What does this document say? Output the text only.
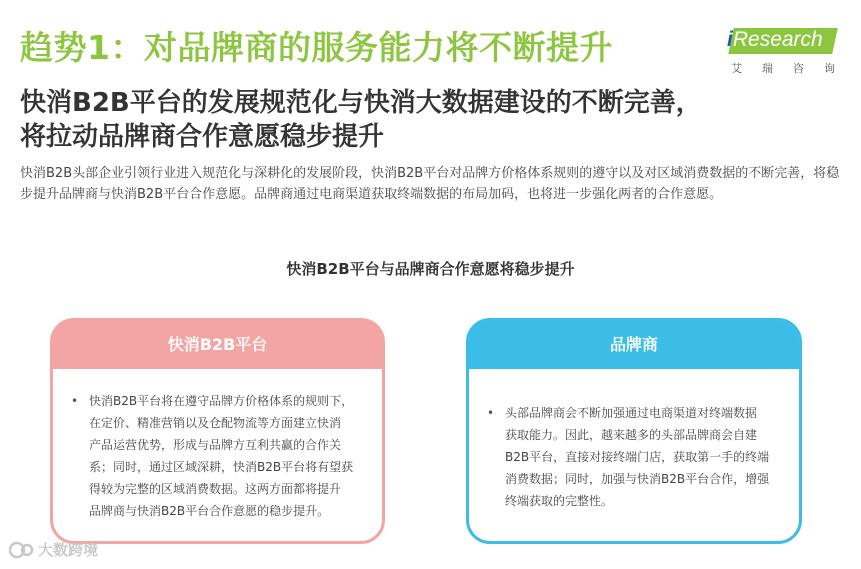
趋势1：对品牌商的服务能力将不断提升	iResearch
艾 瑞 咨 询
快消B2B平台的发展规范化与快消大数据建设的不断完善，
将拉动品牌商合作意愿稳步提升
快消B2B头部企业引领行业进入规范化与深耕化的发展阶段，快消B2B平台对品牌方价格体系规则的遵守以及对区域消费数据的不断完善，将稳步提升品牌商与快消B2B平台合作意愿。品牌商通过电商渠道获取终端数据的布局加码，也将进一步强化两者的合作意愿。
快消B2B平台与品牌商合作意愿将稳步提升
快消B2B平台
• 快消B2B平台将在遵守品牌方价格体系的规则下，
在定价、精准营销以及仓配物流等方面建立快消
产品运营优势，形成与品牌方互利共赢的合作关
系；同时，通过区域深耕，快消B2B平台将有望获
得较为完整的区域消费数据。这两方面都将提升
品牌商与快消B2B平台合作意愿的稳步提升。
品牌商
• 头部品牌商会不断加强通过电商渠道对终端数据
获取能力。因此，越来越多的头部品牌商会自建
B2B平台，直接对接终端门店，获取第一手的终端
消费数据；同时，加强与快消B2B平台合作，增强
终端获取的完整性。
大数跨境
